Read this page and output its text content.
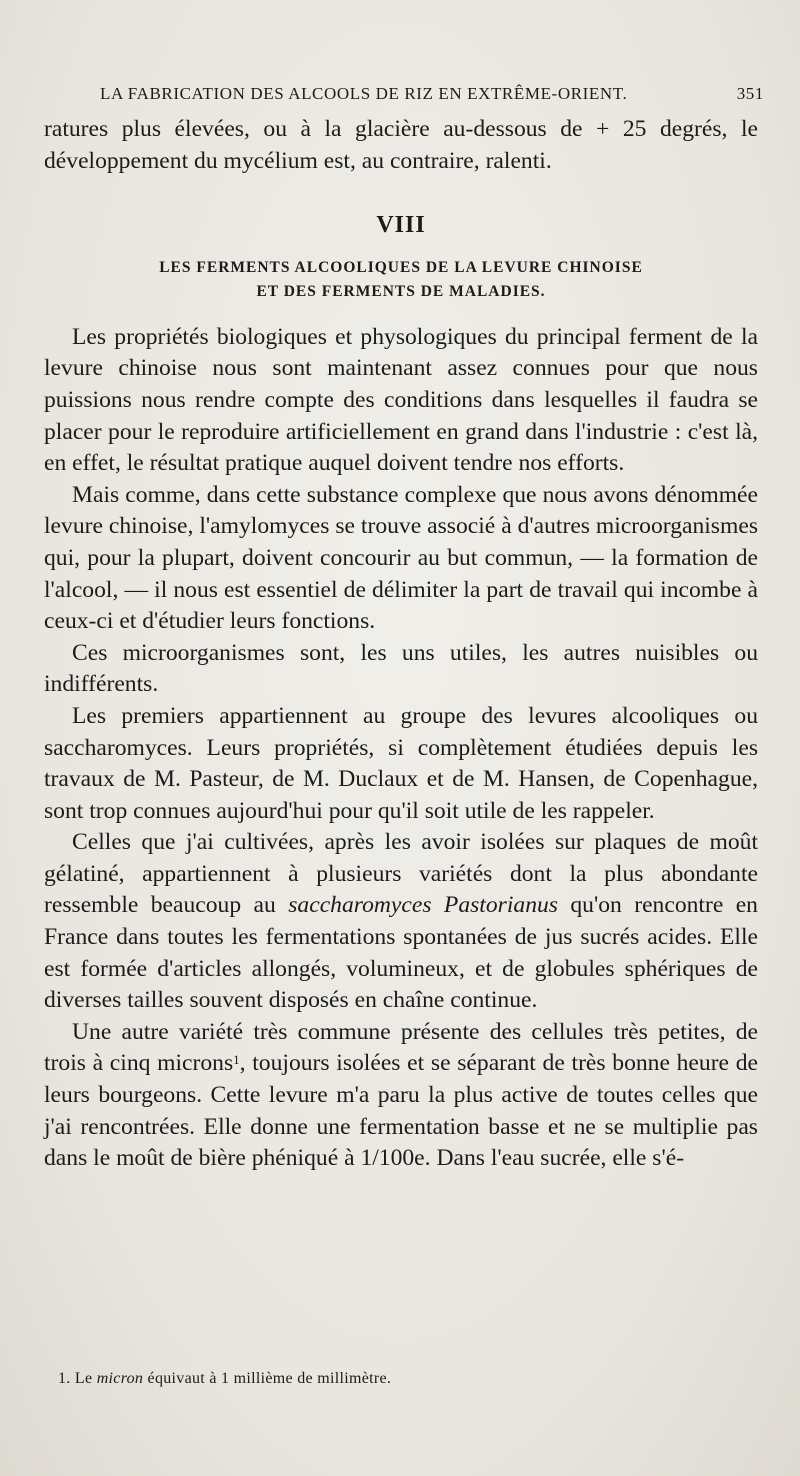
LA FABRICATION DES ALCOOLS DE RIZ EN EXTRÊME-ORIENT.	351

ratures plus élevées, ou à la glacière au-dessous de + 25 degrés, le développement du mycélium est, au contraire, ralenti.

VIII
LES FERMENTS ALCOOLIQUES DE LA LEVURE CHINOISE
ET DES FERMENTS DE MALADIES.

Les propriétés biologiques et physologiques du principal ferment de la levure chinoise nous sont maintenant assez connues pour que nous puissions nous rendre compte des conditions dans lesquelles il faudra se placer pour le reproduire artificiellement en grand dans l'industrie : c'est là, en effet, le résultat pratique auquel doivent tendre nos efforts.

Mais comme, dans cette substance complexe que nous avons dénommée levure chinoise, l'amylomyces se trouve associé à d'autres microorganismes qui, pour la plupart, doivent concourir au but commun, — la formation de l'alcool, — il nous est essentiel de délimiter la part de travail qui incombe à ceux-ci et d'étudier leurs fonctions.

Ces microorganismes sont, les uns utiles, les autres nuisibles ou indifférents.

Les premiers appartiennent au groupe des levures alcooliques ou saccharomyces. Leurs propriétés, si complètement étudiées depuis les travaux de M. Pasteur, de M. Duclaux et de M. Hansen, de Copenhague, sont trop connues aujourd'hui pour qu'il soit utile de les rappeler.

Celles que j'ai cultivées, après les avoir isolées sur plaques de moût gélatiné, appartiennent à plusieurs variétés dont la plus abondante ressemble beaucoup au saccharomyces Pastorianus qu'on rencontre en France dans toutes les fermentations spontanées de jus sucrés acides. Elle est formée d'articles allongés, volumineux, et de globules sphériques de diverses tailles souvent disposés en chaîne continue.

Une autre variété très commune présente des cellules très petites, de trois à cinq microns$^1$, toujours isolées et se séparant de très bonne heure de leurs bourgeons. Cette levure m'a paru la plus active de toutes celles que j'ai rencontrées. Elle donne une fermentation basse et ne se multiplie pas dans le moût de bière phéniqué à 1/100e. Dans l'eau sucrée, elle s'é-

1. Le micron équivaut à 1 millième de millimètre.
